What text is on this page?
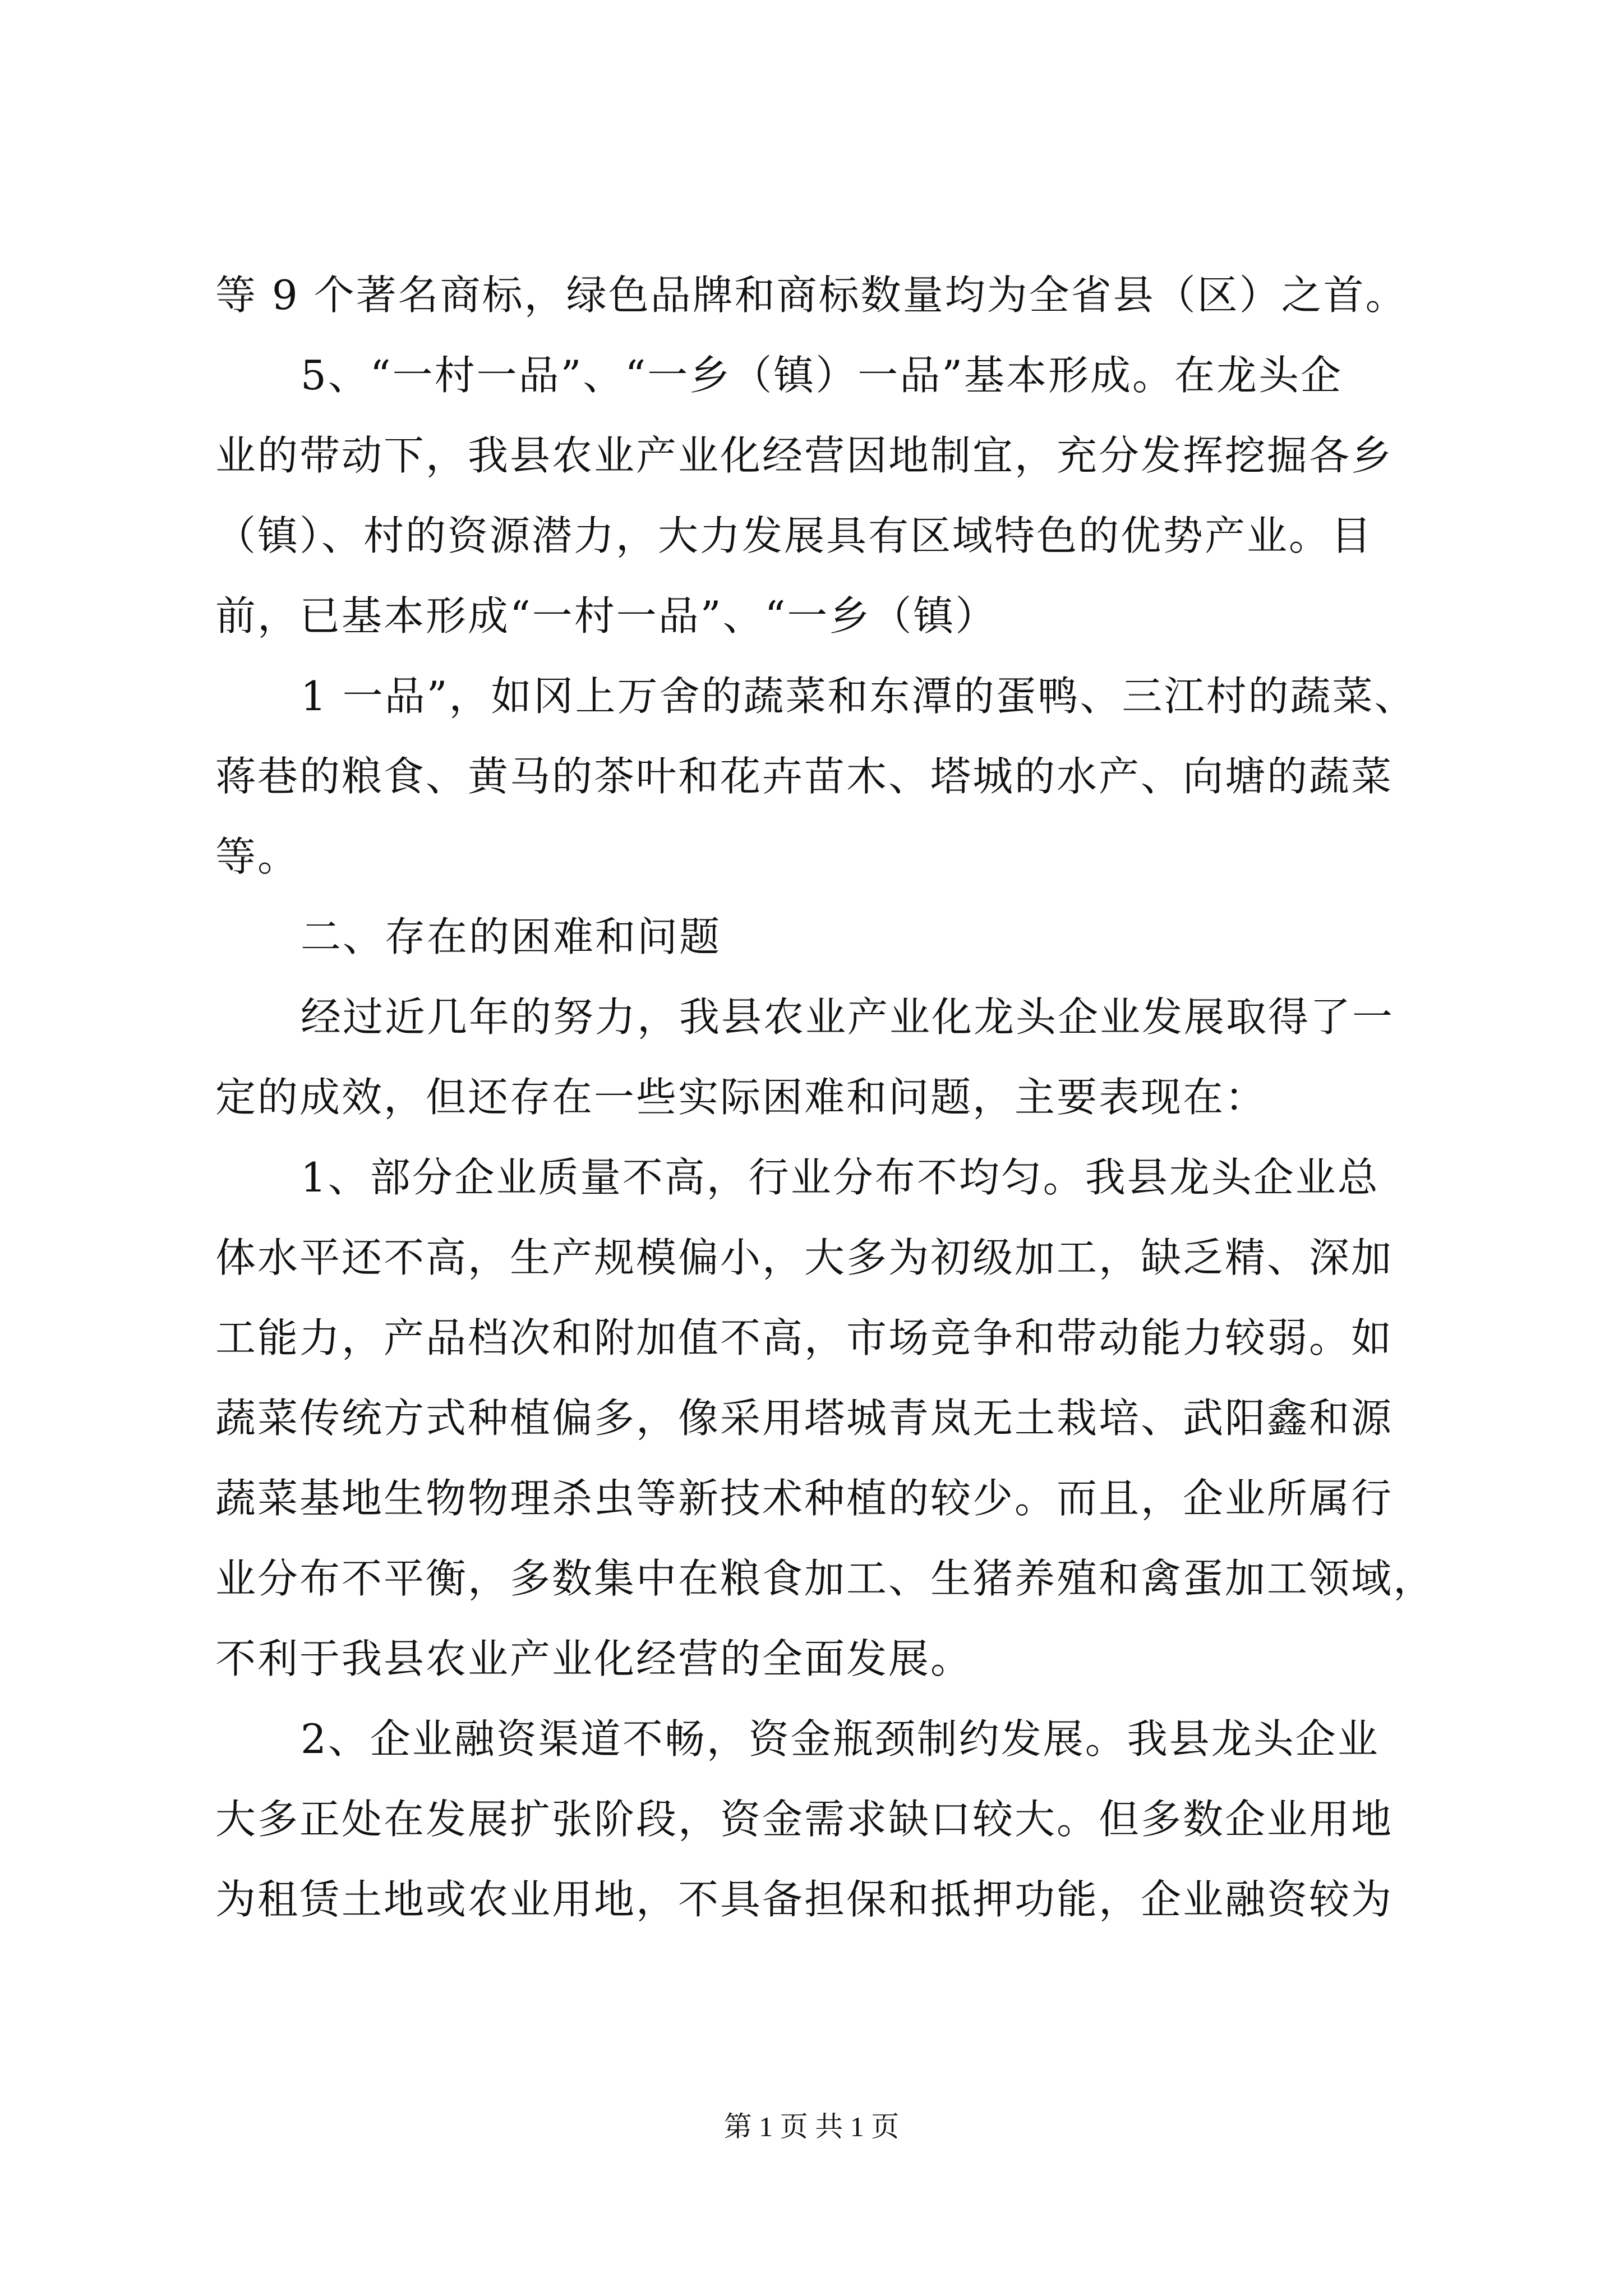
等 9 个著名商标，绿色品牌和商标数量均为全省县（区）之首。
5、“一村一品”、“一乡（镇）一品”基本形成。在龙头企
业的带动下，我县农业产业化经营因地制宜，充分发挥挖掘各乡
（镇）、村的资源潜力，大力发展具有区域特色的优势产业。目
前，已基本形成“一村一品”、“一乡（镇）
1 一品”，如冈上万舍的蔬菜和东潭的蛋鸭、三江村的蔬菜、
蒋巷的粮食、黄马的茶叶和花卉苗木、塔城的水产、向塘的蔬菜
等。
二、存在的困难和问题
经过近几年的努力，我县农业产业化龙头企业发展取得了一
定的成效，但还存在一些实际困难和问题，主要表现在：
1、部分企业质量不高，行业分布不均匀。我县龙头企业总
体水平还不高，生产规模偏小，大多为初级加工，缺乏精、深加
工能力，产品档次和附加值不高，市场竞争和带动能力较弱。如
蔬菜传统方式种植偏多，像采用塔城青岚无土栽培、武阳鑫和源
蔬菜基地生物物理杀虫等新技术种植的较少。而且，企业所属行
业分布不平衡，多数集中在粮食加工、生猪养殖和禽蛋加工领域，
不利于我县农业产业化经营的全面发展。
2、企业融资渠道不畅，资金瓶颈制约发展。我县龙头企业
大多正处在发展扩张阶段，资金需求缺口较大。但多数企业用地
为租赁土地或农业用地，不具备担保和抵押功能，企业融资较为
第 1 页 共 1 页
